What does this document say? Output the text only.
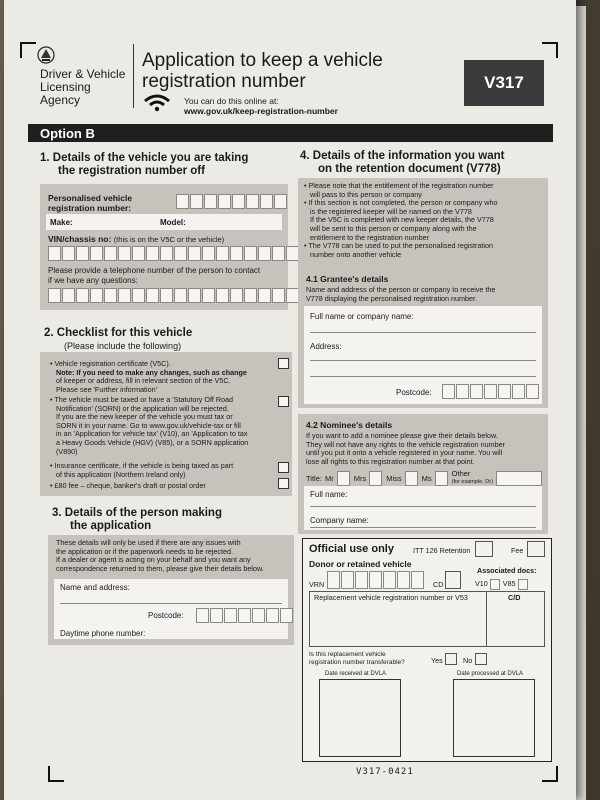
Driver & Vehicle
Licensing
Agency
Application to keep a vehicle
registration number
You can do this online at:
www.gov.uk/keep-registration-number
V317
Option B
1. Details of the vehicle you are taking
the registration number off
Personalised vehicle
registration number:
Make:	Model:
VIN/chassis no: (this is on the V5C or the vehicle)
Please provide a telephone number of the person to contact
if we have any questions:
2. Checklist for this vehicle
(Please include the following)
• Vehicle registration certificate (V5C).
Note: If you need to make any changes, such as change
of keeper or address, fill in relevant section of the V5C.
Please see 'Further information'
• The vehicle must be taxed or have a 'Statutory Off Road
Notification' (SORN) or the application will be rejected.
If you are the new keeper of the vehicle you must tax or
SORN it in your name. Go to www.gov.uk/vehicle-tax or fill
in an 'Application for vehicle tax' (V10), an 'Application to tax
a Heavy Goods Vehicle (HGV) (V85), or a SORN application
(V890)
• Insurance certificate, if the vehicle is being taxed as part
of this application (Northern Ireland only)
• £80 fee – cheque, banker's draft or postal order
3. Details of the person making
the application
These details will only be used if there are any issues with
the application or if the paperwork needs to be rejected.
If a dealer or agent is acting on your behalf and you want any
correspondence returned to them, please give their details below.
Name and address:
Postcode:
Daytime phone number:
4. Details of the information you want
on the retention document (V778)
• Please note that the entitlement of the registration number
will pass to this person or company
• If this section is not completed, the person or company who
is the registered keeper will be named on the V778
If the V5C is completed with new keeper details, the V778
will be sent to this person or company along with the
entitlement to the registration number
• The V778 can be used to put the personalised registration
number onto another vehicle
4.1 Grantee's details
Name and address of the person or company to receive the
V778 displaying the personalised registration number.
Full name or company name:
Address:
Postcode:
4.2 Nominee's details
If you want to add a nominee please give their details below.
They will not have any rights to the vehicle registration number
until you put it onto a vehicle registered in your name. You will
lose all rights to this registration number at that point.
Title: Mr	Mrs	Miss	Ms	Other
(for example, Dr)
Full name:
Company name:
Official use only	ITT 126 Retention	Fee
Donor or retained vehicle
VRN	CD
Associated docs:
V10 V85
Replacement vehicle registration number or V53	C/D
Is this replacement vehicle
registration number transferable?	Yes	No
Date received at DVLA	Date processed at DVLA
V317-0421
